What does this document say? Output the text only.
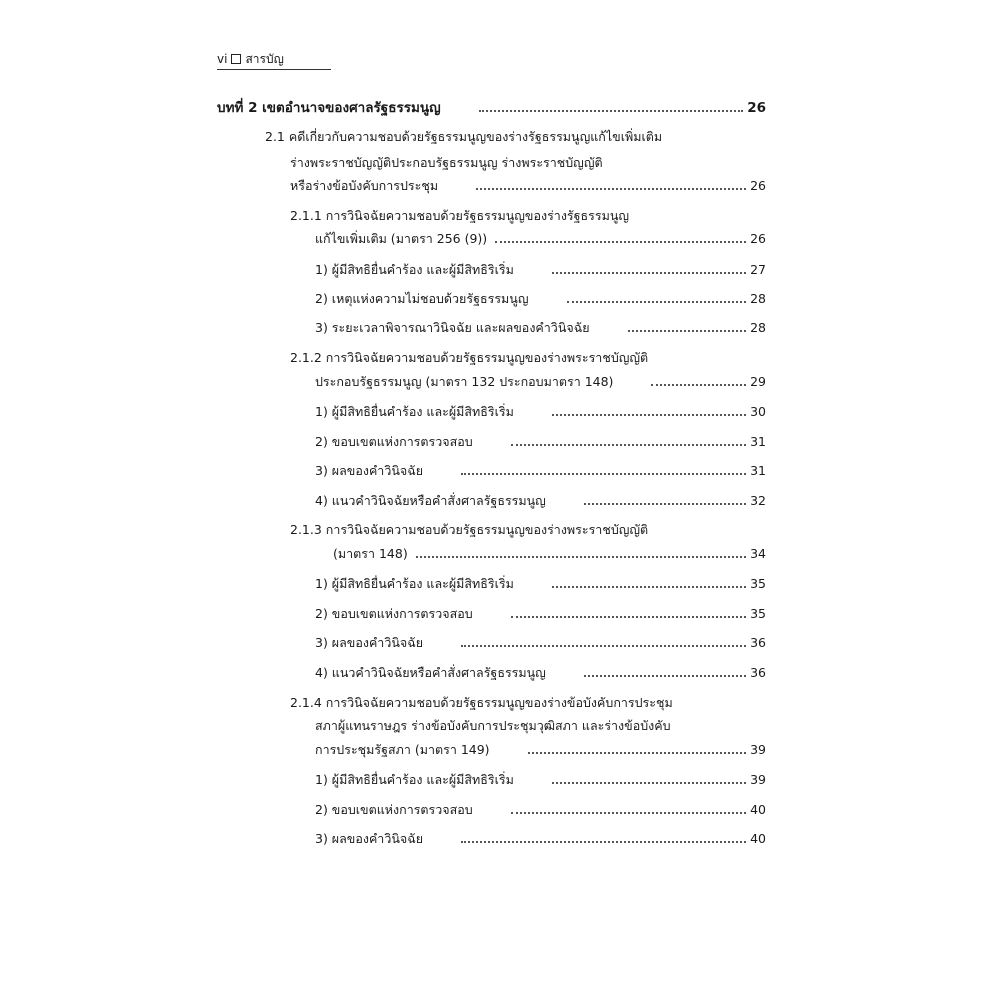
vi สารบัญ
บทที่ 2 เขตอำนาจของศาลรัฐธรรมนูญ	26
2.1 คดีเกี่ยวกับความชอบด้วยรัฐธรรมนูญของร่างรัฐธรรมนูญแก้ไขเพิ่มเติม
ร่างพระราชบัญญัติประกอบรัฐธรรมนูญ ร่างพระราชบัญญัติ
หรือร่างข้อบังคับการประชุม	26
2.1.1 การวินิจฉัยความชอบด้วยรัฐธรรมนูญของร่างรัฐธรรมนูญ
แก้ไขเพิ่มเติม (มาตรา 256 (9))	26
1) ผู้มีสิทธิยื่นคำร้อง และผู้มีสิทธิริเริ่ม	27
2) เหตุแห่งความไม่ชอบด้วยรัฐธรรมนูญ	28
3) ระยะเวลาพิจารณาวินิจฉัย และผลของคำวินิจฉัย	28
2.1.2 การวินิจฉัยความชอบด้วยรัฐธรรมนูญของร่างพระราชบัญญัติ
ประกอบรัฐธรรมนูญ (มาตรา 132 ประกอบมาตรา 148)	29
1) ผู้มีสิทธิยื่นคำร้อง และผู้มีสิทธิริเริ่ม	30
2) ขอบเขตแห่งการตรวจสอบ	31
3) ผลของคำวินิจฉัย	31
4) แนวคำวินิจฉัยหรือคำสั่งศาลรัฐธรรมนูญ	32
2.1.3 การวินิจฉัยความชอบด้วยรัฐธรรมนูญของร่างพระราชบัญญัติ
(มาตรา 148)	34
1) ผู้มีสิทธิยื่นคำร้อง และผู้มีสิทธิริเริ่ม	35
2) ขอบเขตแห่งการตรวจสอบ	35
3) ผลของคำวินิจฉัย	36
4) แนวคำวินิจฉัยหรือคำสั่งศาลรัฐธรรมนูญ	36
2.1.4 การวินิจฉัยความชอบด้วยรัฐธรรมนูญของร่างข้อบังคับการประชุม
สภาผู้แทนราษฎร ร่างข้อบังคับการประชุมวุฒิสภา และร่างข้อบังคับ
การประชุมรัฐสภา (มาตรา 149)	39
1) ผู้มีสิทธิยื่นคำร้อง และผู้มีสิทธิริเริ่ม	39
2) ขอบเขตแห่งการตรวจสอบ	40
3) ผลของคำวินิจฉัย	40
